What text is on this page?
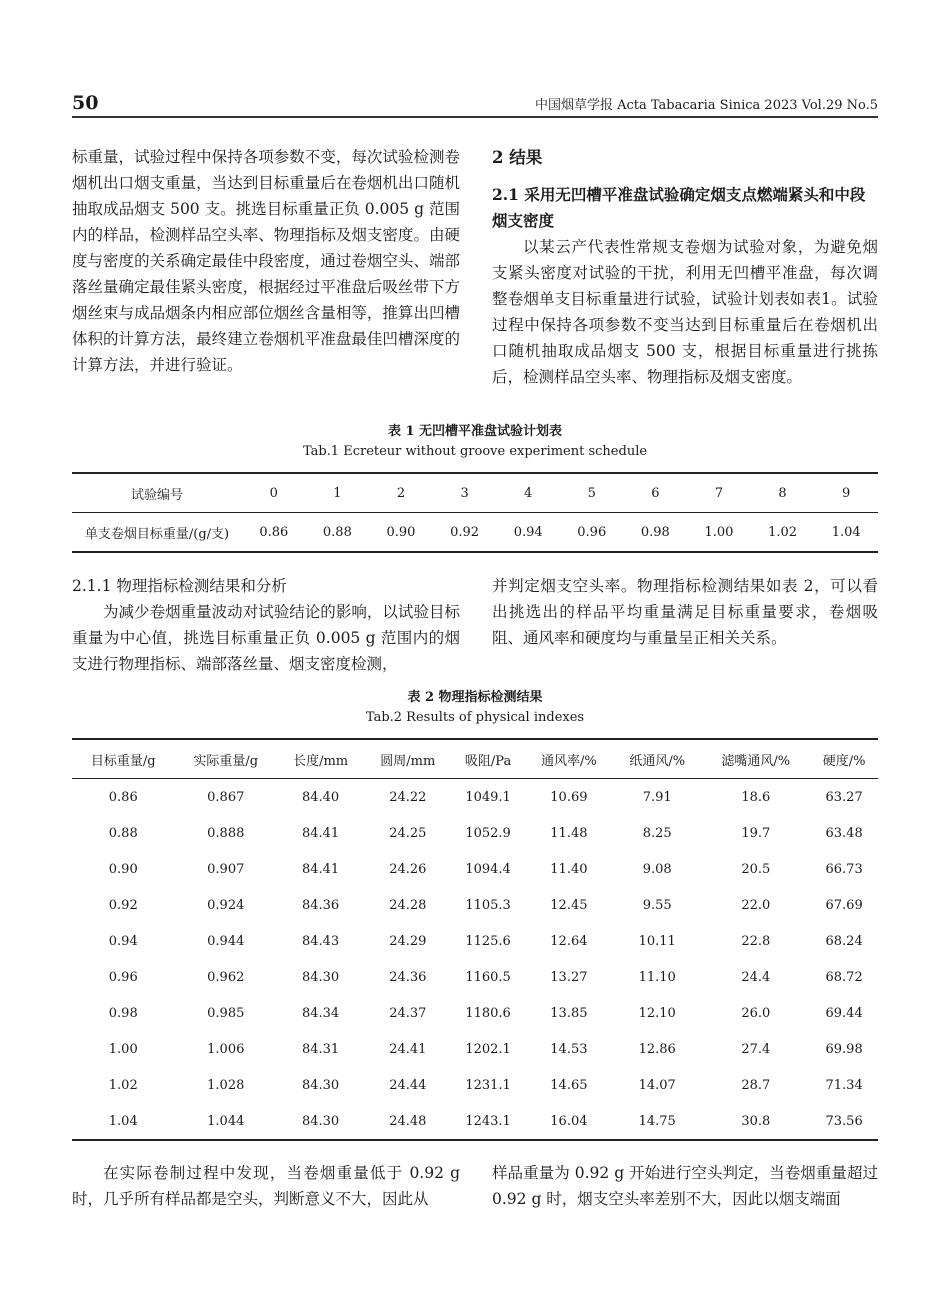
50	中国烟草学报 Acta Tabacaria Sinica 2023 Vol.29 No.5

标重量，试验过程中保持各项参数不变，每次试验检测卷烟机出口烟支重量，当达到目标重量后在卷烟机出口随机抽取成品烟支 500 支。挑选目标重量正负 0.005 g 范围内的样品，检测样品空头率、物理指标及烟支密度。由硬度与密度的关系确定最佳中段密度，通过卷烟空头、端部落丝量确定最佳紧头密度，根据经过平准盘后吸丝带下方烟丝束与成品烟条内相应部位烟丝含量相等，推算出凹槽体积的计算方法，最终建立卷烟机平准盘最佳凹槽深度的计算方法，并进行验证。

2 结果

2.1 采用无凹槽平准盘试验确定烟支点燃端紧头和中段烟支密度

以某云产代表性常规支卷烟为试验对象，为避免烟支紧头密度对试验的干扰，利用无凹槽平准盘，每次调整卷烟单支目标重量进行试验，试验计划表如表1。试验过程中保持各项参数不变当达到目标重量后在卷烟机出口随机抽取成品烟支 500 支，根据目标重量进行挑拣后，检测样品空头率、物理指标及烟支密度。

表 1 无凹槽平准盘试验计划表
Tab.1 Ecreteur without groove experiment schedule
试验编号	0	1	2	3	4	5	6	7	8	9
单支卷烟目标重量/(g/支)	0.86	0.88	0.90	0.92	0.94	0.96	0.98	1.00	1.02	1.04

2.1.1 物理指标检测结果和分析

为减少卷烟重量波动对试验结论的影响，以试验目标重量为中心值，挑选目标重量正负 0.005 g 范围内的烟支进行物理指标、端部落丝量、烟支密度检测，

并判定烟支空头率。物理指标检测结果如表 2，可以看出挑选出的样品平均重量满足目标重量要求，卷烟吸阻、通风率和硬度均与重量呈正相关关系。

表 2 物理指标检测结果
Tab.2 Results of physical indexes
目标重量/g	实际重量/g	长度/mm	圆周/mm	吸阻/Pa	通风率/%	纸通风/%	滤嘴通风/%	硬度/%
0.86	0.867	84.40	24.22	1049.1	10.69	7.91	18.6	63.27
0.88	0.888	84.41	24.25	1052.9	11.48	8.25	19.7	63.48
0.90	0.907	84.41	24.26	1094.4	11.40	9.08	20.5	66.73
0.92	0.924	84.36	24.28	1105.3	12.45	9.55	22.0	67.69
0.94	0.944	84.43	24.29	1125.6	12.64	10.11	22.8	68.24
0.96	0.962	84.30	24.36	1160.5	13.27	11.10	24.4	68.72
0.98	0.985	84.34	24.37	1180.6	13.85	12.10	26.0	69.44
1.00	1.006	84.31	24.41	1202.1	14.53	12.86	27.4	69.98
1.02	1.028	84.30	24.44	1231.1	14.65	14.07	28.7	71.34
1.04	1.044	84.30	24.48	1243.1	16.04	14.75	30.8	73.56

在实际卷制过程中发现，当卷烟重量低于 0.92 g时，几乎所有样品都是空头，判断意义不大，因此从

样品重量为 0.92 g 开始进行空头判定，当卷烟重量超过 0.92 g 时，烟支空头率差别不大，因此以烟支端面
